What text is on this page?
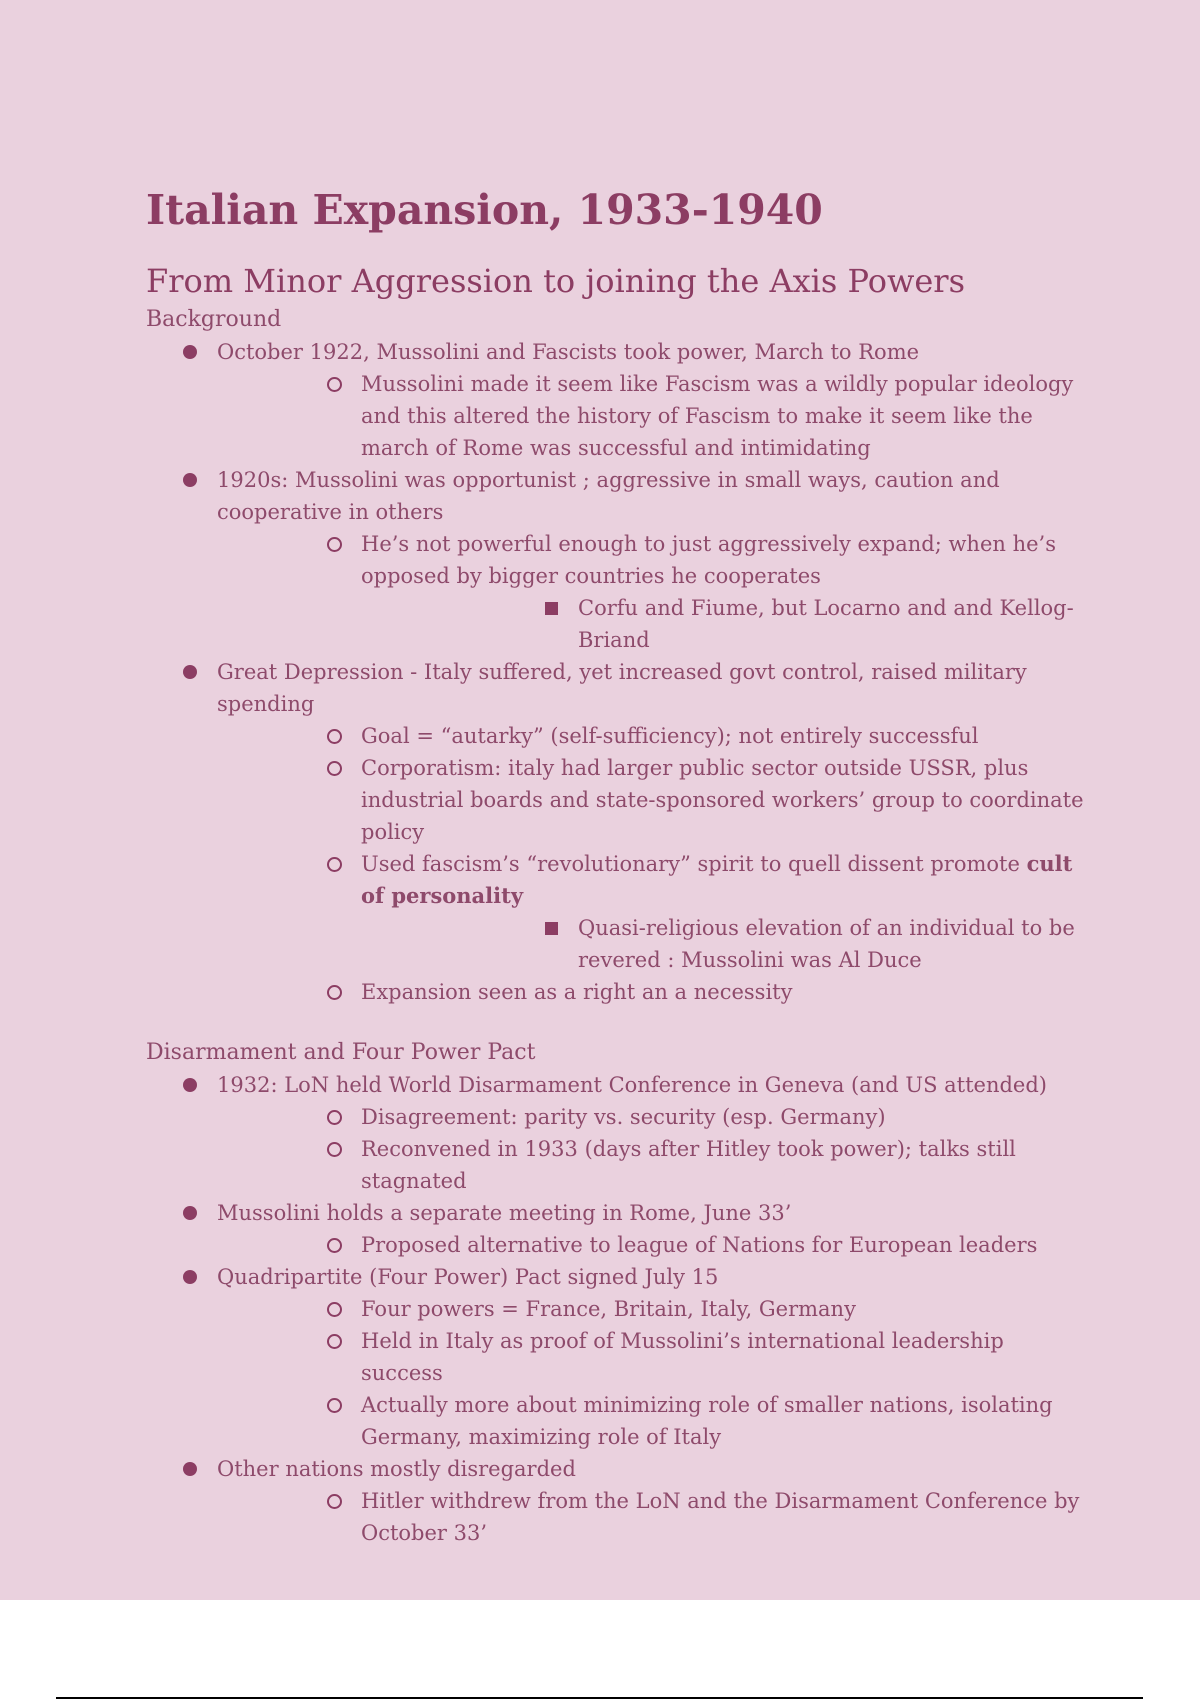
Italian Expansion, 1933-1940
From Minor Aggression to joining the Axis Powers
Background
October 1922, Mussolini and Fascists took power, March to Rome
Mussolini made it seem like Fascism was a wildly popular ideology and this altered the history of Fascism to make it seem like the march of Rome was successful and intimidating
1920s: Mussolini was opportunist ; aggressive in small ways, caution and cooperative in others
He’s not powerful enough to just aggressively expand; when he’s opposed by bigger countries he cooperates
Corfu and Fiume, but Locarno and and Kellog-Briand
Great Depression - Italy suffered, yet increased govt control, raised military spending
Goal = “autarky” (self-sufficiency); not entirely successful
Corporatism: italy had larger public sector outside USSR, plus industrial boards and state-sponsored workers’ group to coordinate policy
Used fascism’s “revolutionary” spirit to quell dissent promote cult of personality
Quasi-religious elevation of an individual to be revered : Mussolini was Al Duce
Expansion seen as a right an a necessity
Disarmament and Four Power Pact
1932: LoN held World Disarmament Conference in Geneva (and US attended)
Disagreement: parity vs. security (esp. Germany)
Reconvened in 1933 (days after Hitley took power); talks still stagnated
Mussolini holds a separate meeting in Rome, June 33’
Proposed alternative to league of Nations for European leaders
Quadripartite (Four Power) Pact signed July 15
Four powers = France, Britain, Italy, Germany
Held in Italy as proof of Mussolini’s international leadership success
Actually more about minimizing role of smaller nations, isolating Germany, maximizing role of Italy
Other nations mostly disregarded
Hitler withdrew from the LoN and the Disarmament Conference by October 33’
